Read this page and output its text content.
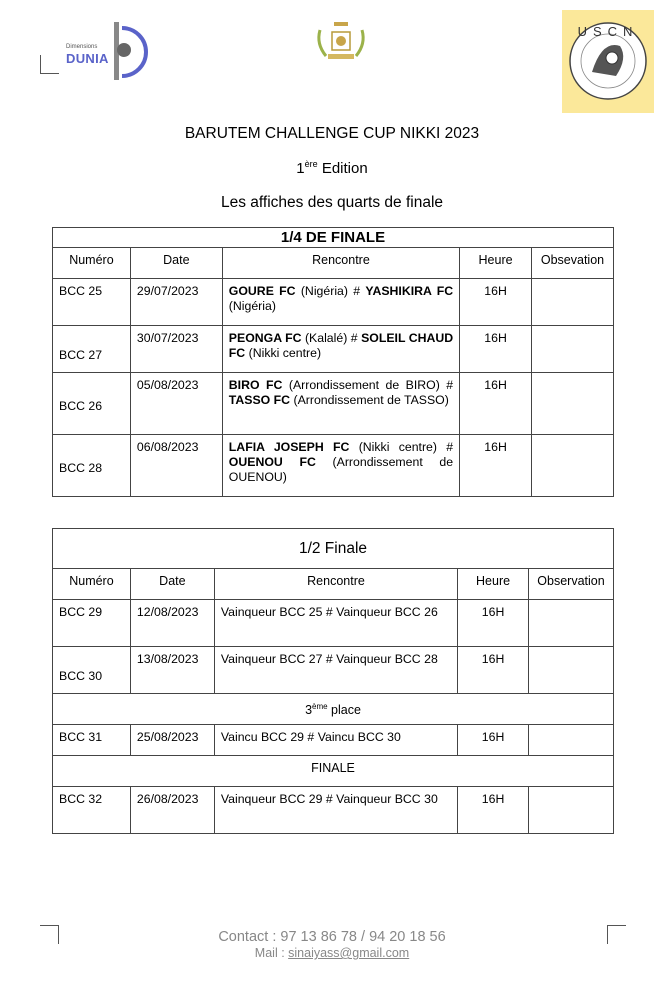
Dimensions
DUNIA
USCN
BARUTEM CHALLENGE CUP NIKKI 2023
1ère Edition
Les affiches des quarts de finale
1/4 DE FINALE				
Numéro	Date	Rencontre	Heure	Obsevation
BCC 25	29/07/2023	GOURE FC (Nigéria) # YASHIKIRA FC (Nigéria)	16H	
BCC 27	30/07/2023	PEONGA FC (Kalalé) # SOLEIL CHAUD FC (Nikki centre)	16H	
BCC 26	05/08/2023	BIRO FC (Arrondissement de BIRO) # TASSO FC (Arrondissement de TASSO)	16H	
BCC 28	06/08/2023	LAFIA JOSEPH FC (Nikki centre) # OUENOU FC (Arrondissement de OUENOU)	16H	
1/2 Finale				
Numéro	Date	Rencontre	Heure	Observation
BCC 29	12/08/2023	Vainqueur BCC 25 # Vainqueur BCC 26	16H	
BCC 30	13/08/2023	Vainqueur BCC 27 # Vainqueur BCC 28	16H	
3ème place				
BCC 31	25/08/2023	Vaincu BCC 29 # Vaincu BCC 30	16H	
FINALE				
BCC 32	26/08/2023	Vainqueur BCC 29 # Vainqueur BCC 30	16H	
Contact : 97 13 86 78 / 94 20 18 56
Mail : sinaiyass@gmail.com
